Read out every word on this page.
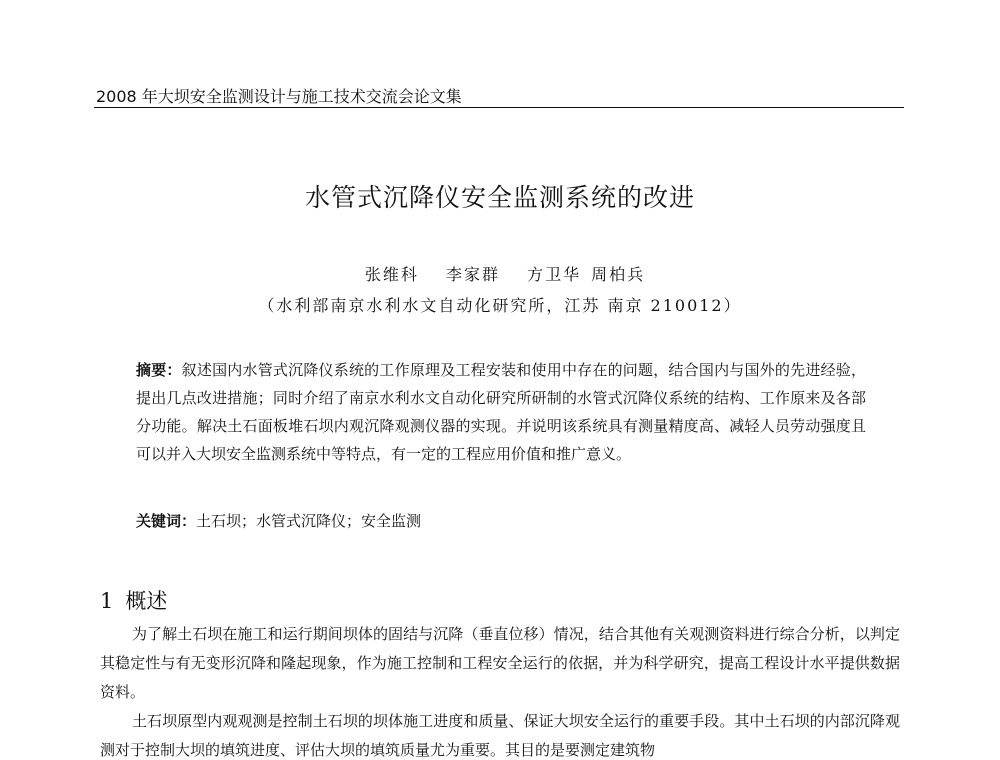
2008 年大坝安全监测设计与施工技术交流会论文集
水管式沉降仪安全监测系统的改进
张维科 李家群 方卫华 周柏兵
（水利部南京水利水文自动化研究所，江苏 南京 210012）
摘要：叙述国内水管式沉降仪系统的工作原理及工程安装和使用中存在的问题，结合国内与国外的先进经验，提出几点改进措施；同时介绍了南京水利水文自动化研究所研制的水管式沉降仪系统的结构、工作原来及各部分功能。解决土石面板堆石坝内观沉降观测仪器的实现。并说明该系统具有测量精度高、减轻人员劳动强度且可以并入大坝安全监测系统中等特点，有一定的工程应用价值和推广意义。
关键词：土石坝；水管式沉降仪；安全监测
1 概述

为了解土石坝在施工和运行期间坝体的固结与沉降（垂直位移）情况，结合其他有关观测资料进行综合分析，以判定其稳定性与有无变形沉降和隆起现象，作为施工控制和工程安全运行的依据，并为科学研究，提高工程设计水平提供数据资料。

土石坝原型内观观测是控制土石坝的坝体施工进度和质量、保证大坝安全运行的重要手段。其中土石坝的内部沉降观测对于控制大坝的填筑进度、评估大坝的填筑质量尤为重要。其目的是要测定建筑物
